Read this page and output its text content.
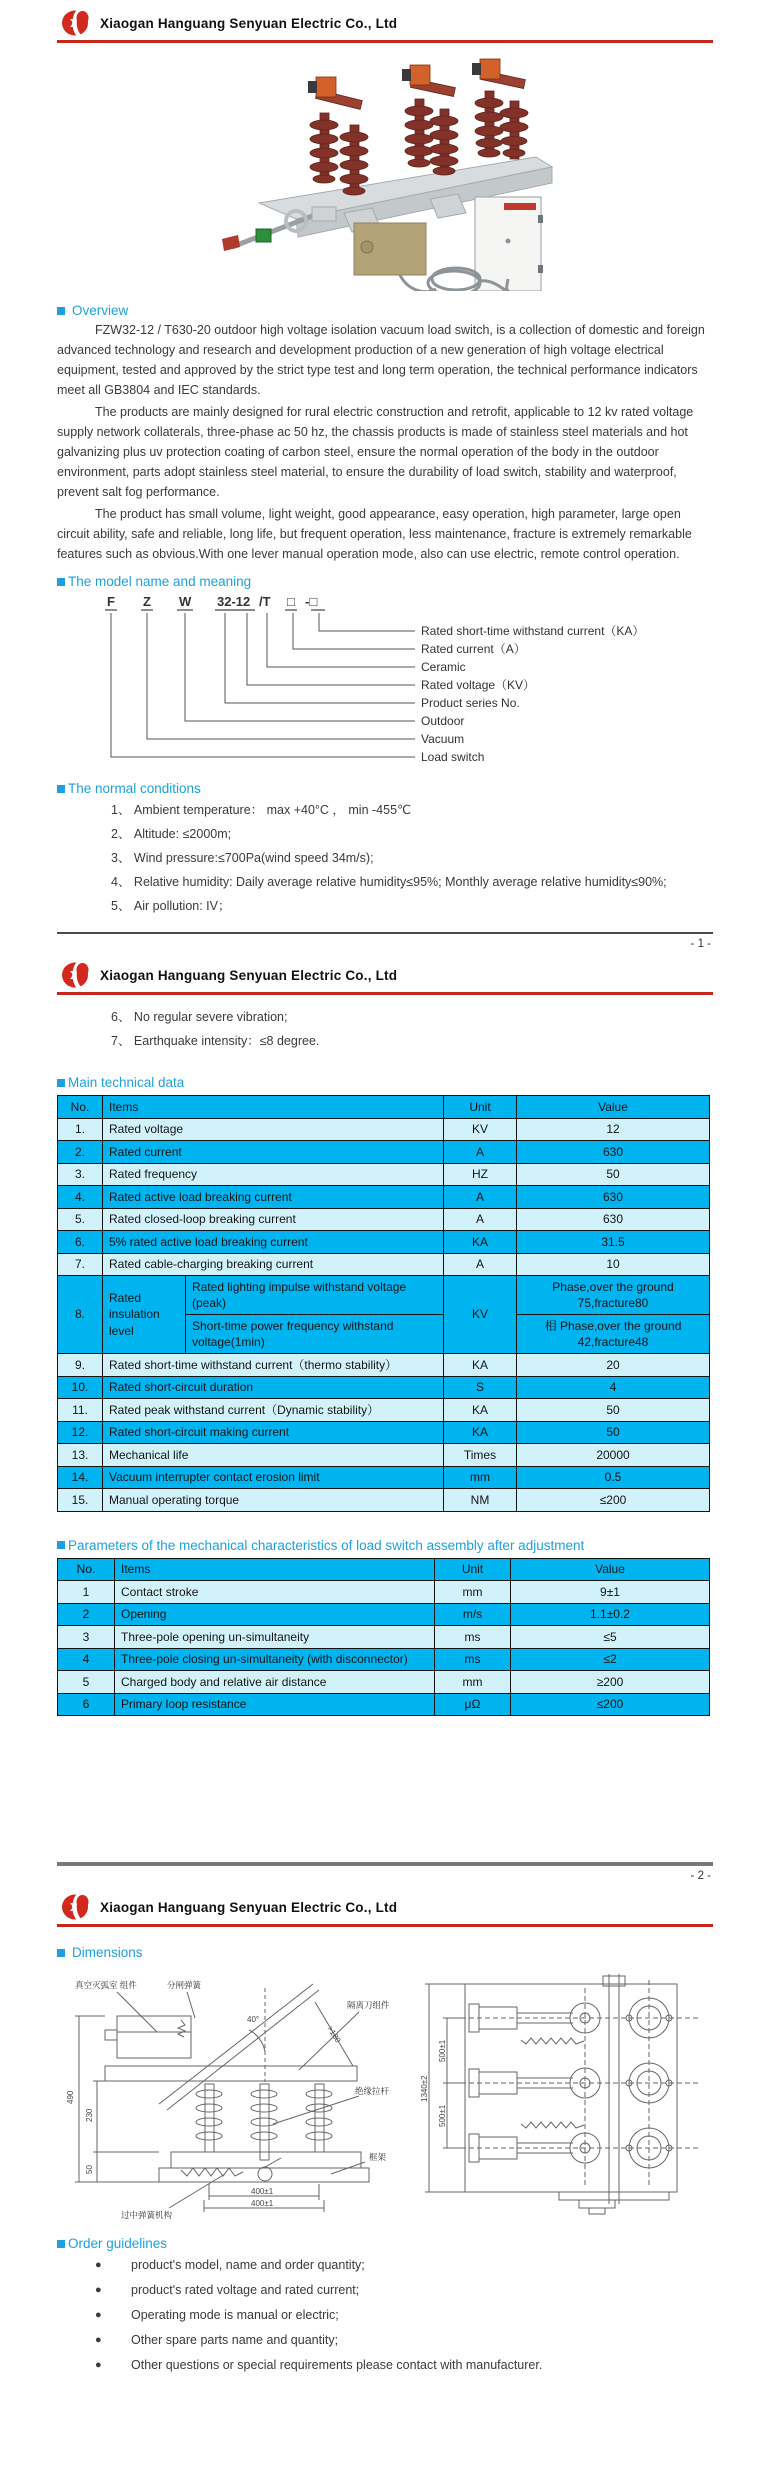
Xiaogan Hanguang Senyuan Electric Co., Ltd
Overview

FZW32-12 / T630-20 outdoor high voltage isolation vacuum load switch, is a collection of domestic and foreign advanced technology and research and development production of a new generation of high voltage electrical equipment, tested and approved by the strict type test and long term operation, the technical performance indicators meet all GB3804 and IEC standards.

The products are mainly designed for rural electric construction and retrofit, applicable to 12 kv rated voltage supply network collaterals, three-phase ac 50 hz, the chassis products is made of stainless steel materials and hot galvanizing plus uv protection coating of carbon steel, ensure the normal operation of the body in the outdoor environment, parts adopt stainless steel material, to ensure the durability of load switch, stability and waterproof, prevent salt fog performance.

The product has small volume, light weight, good appearance, easy operation, high parameter, large open circuit ability, safe and reliable, long life, but frequent operation, less maintenance, fracture is extremely remarkable features such as obvious.With one lever manual operation mode, also can use electric, remote control operation.

The model name and meaning
F Z W 32-12 /T □ -□
Rated short-time withstand current（KA）
Rated current（A）
Ceramic
Rated voltage（KV）
Product series No.
Outdoor
Vacuum
Load switch
The normal conditions
1、 Ambient temperature： max +40°C ， min -455℃
2、 Altitude: ≤2000m;
3、 Wind pressure:≤700Pa(wind speed 34m/s);
4、 Relative humidity: Daily average relative humidity≤95%; Monthly average relative humidity≤90%;
5、 Air pollution: IV；
- 1 -
Xiaogan Hanguang Senyuan Electric Co., Ltd
6、 No regular severe vibration;
7、 Earthquake intensity：≤8 degree.
Main technical data
No.	Items		Unit	Value
1.	Rated voltage		KV	12
2.	Rated current		A	630
3.	Rated frequency		HZ	50
4.	Rated active load breaking current		A	630
5.	Rated closed-loop breaking current		A	630
6.	5% rated active load breaking current		KA	31.5
7.	Rated cable-charging breaking current		A	10
8.	Rated insulation level	Rated lighting impulse withstand voltage (peak)	KV	Phase,over the ground 75,fracture80
		Short-time power frequency withstand voltage(1min)		相 Phase,over the ground 42,fracture48
9.	Rated short-time withstand current（thermo stability）		KA	20
10.	Rated short-circuit duration		S	4
11.	Rated peak withstand current（Dynamic stability）		KA	50
12.	Rated short-circuit making current		KA	50
13.	Mechanical life		Times	20000
14.	Vacuum interrupter contact erosion limit		mm	0.5
15.	Manual operating torque		NM	≤200
Parameters of the mechanical characteristics of load switch assembly after adjustment
No.	Items	Unit	Value
1	Contact stroke	mm	9±1
2	Opening	m/s	1.1±0.2
3	Three-pole opening un-simultaneity	ms	≤5
4	Three-pole closing un-simultaneity (with disconnector)	ms	≤2
5	Charged body and relative air distance	mm	≥200
6	Primary loop resistance	μΩ	≤200
- 2 -
Xiaogan Hanguang Senyuan Electric Co., Ltd
Dimensions
真空灭弧室 组件	分闸弹簧
隔离刀组件
绝缘拉杆
框架
过中弹簧机构
490
230
50
400±1
400±1
40°
>180
1340±2
500±1
500±1
Order guidelines
●	product's model, name and order quantity;
●	product's rated voltage and rated current;
●	Operating mode is manual or electric;
●	Other spare parts name and quantity;
●	Other questions or special requirements please contact with manufacturer.
